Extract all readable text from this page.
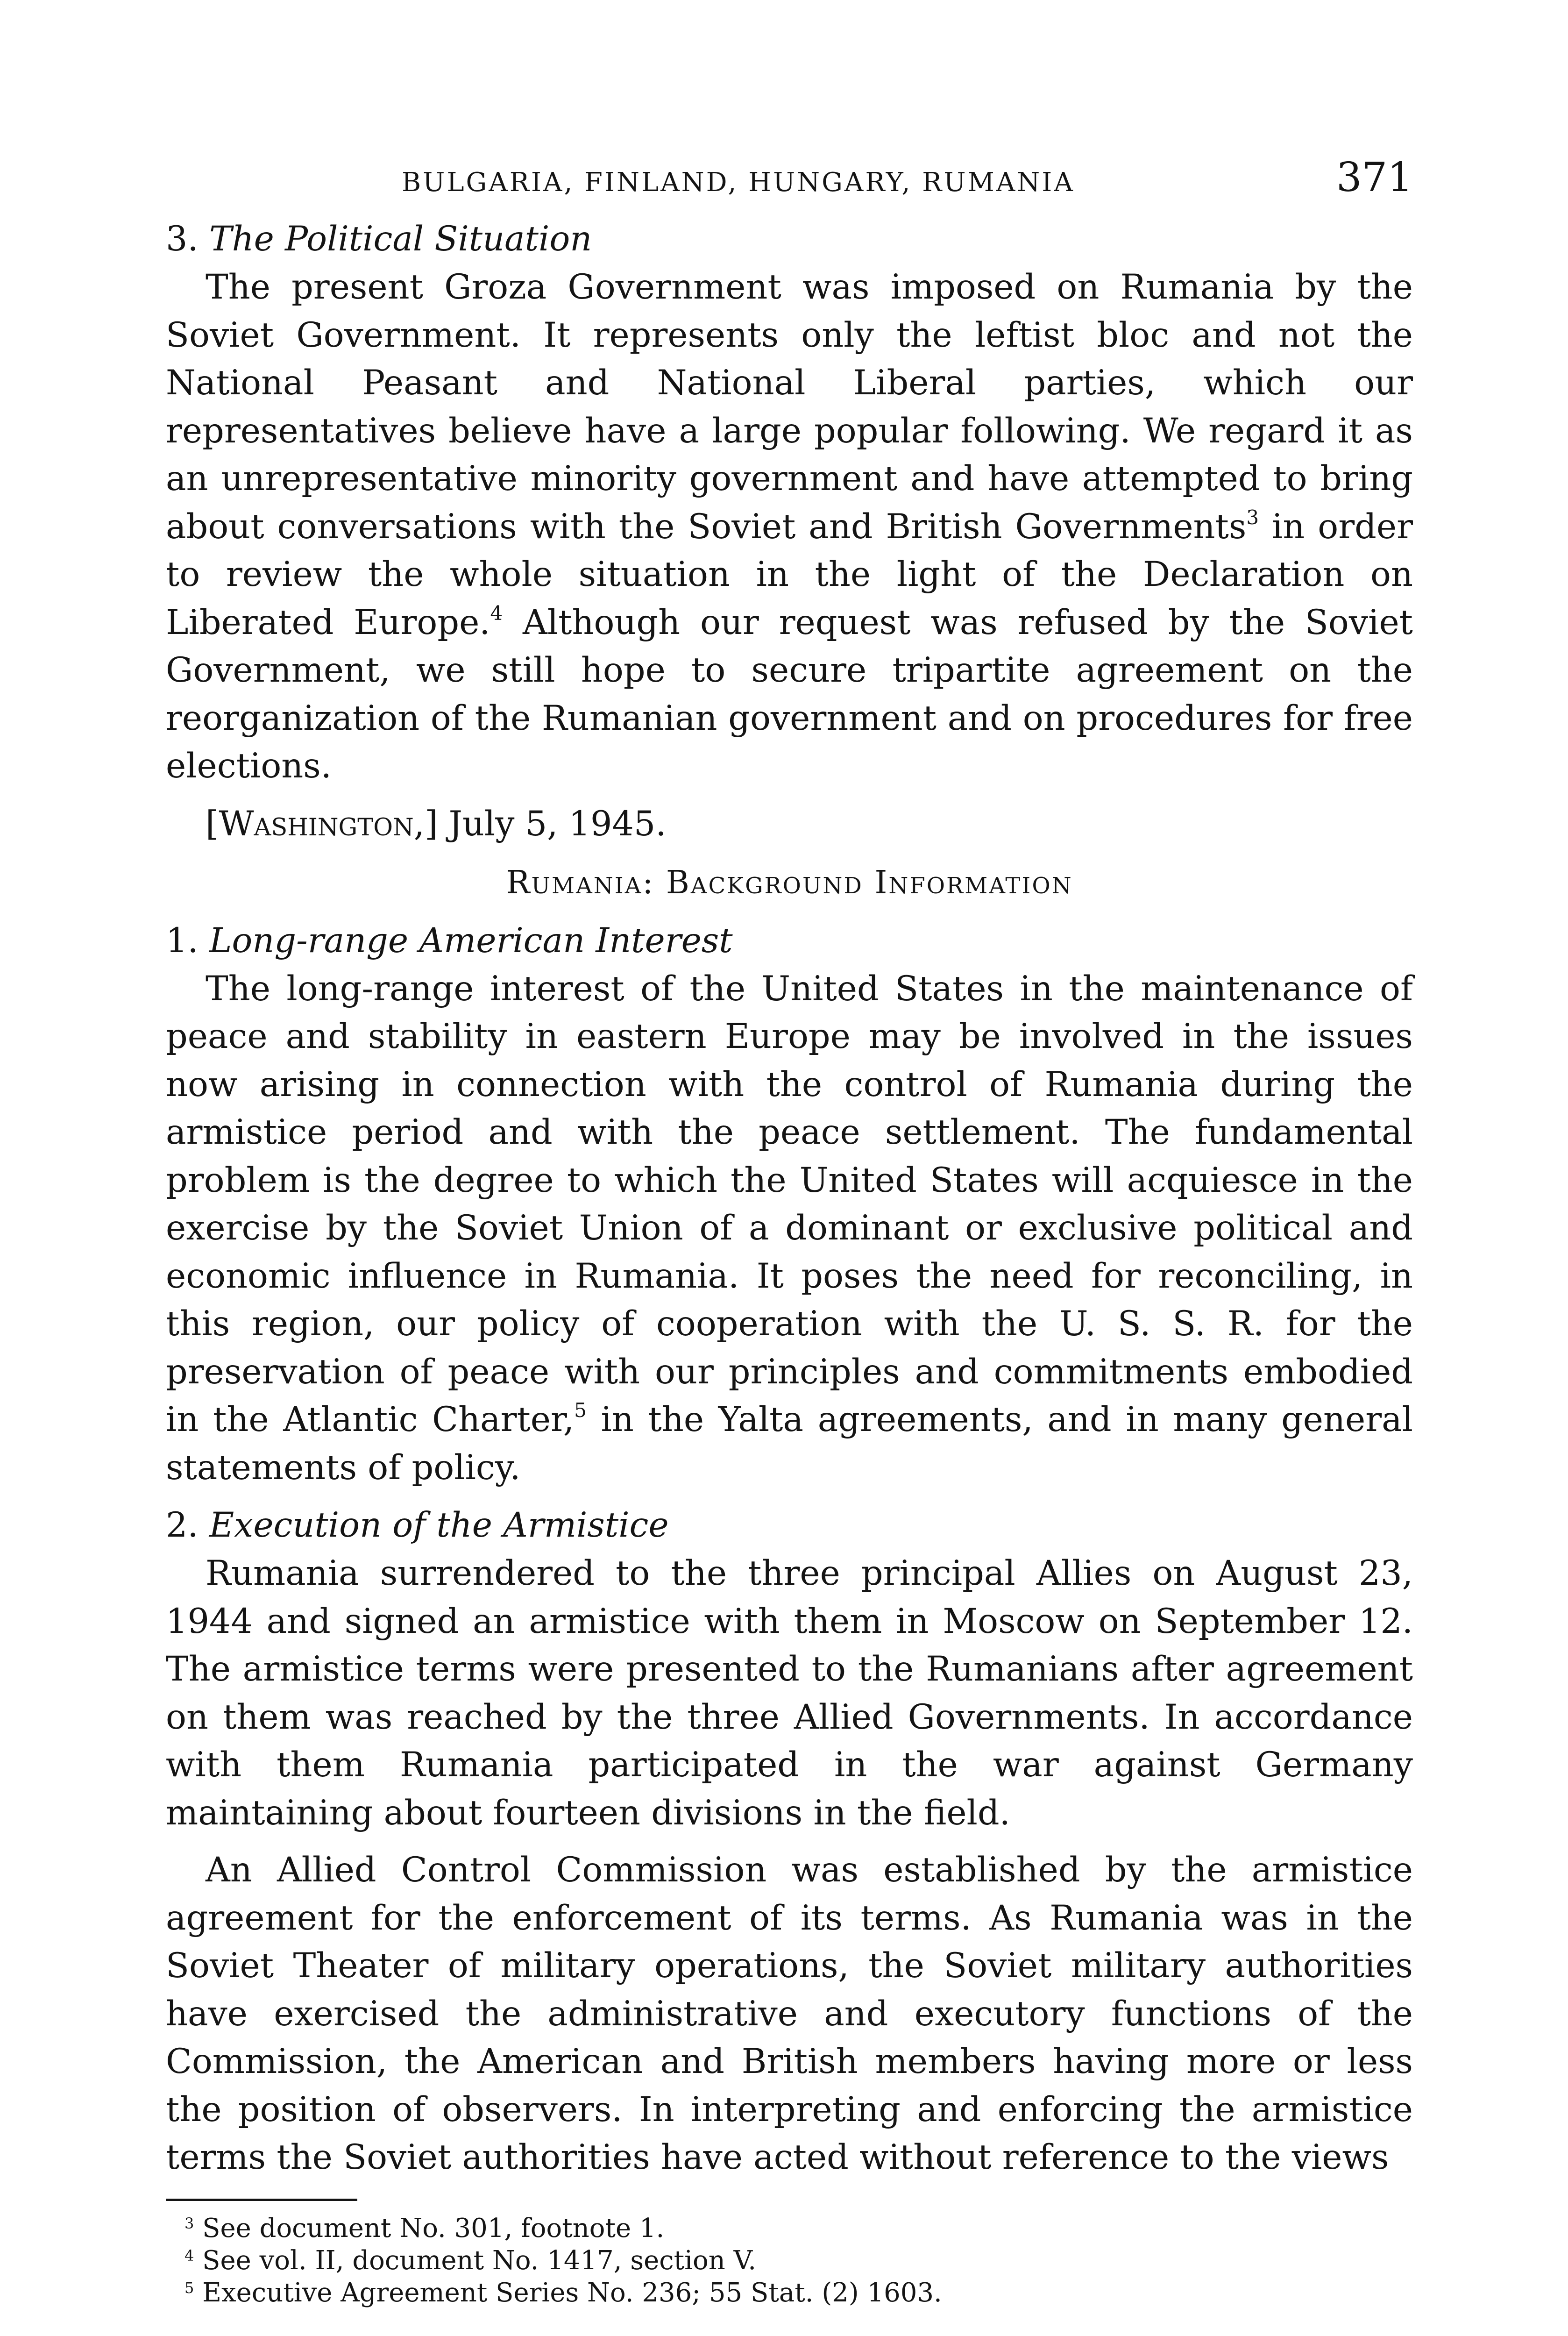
BULGARIA, FINLAND, HUNGARY, RUMANIA	371

3. The Political Situation

The present Groza Government was imposed on Rumania by the Soviet Government. It represents only the leftist bloc and not the National Peasant and National Liberal parties, which our representatives believe have a large popular following. We regard it as an unrepresentative minority government and have attempted to bring about conversations with the Soviet and British Governments$^3$ in order to review the whole situation in the light of the Declaration on Liberated Europe.$^4$ Although our request was refused by the Soviet Government, we still hope to secure tripartite agreement on the reorganization of the Rumanian government and on procedures for free elections.

[Washington,] July 5, 1945.

Rumania: Background Information

1. Long-range American Interest

The long-range interest of the United States in the maintenance of peace and stability in eastern Europe may be involved in the issues now arising in connection with the control of Rumania during the armistice period and with the peace settlement. The fundamental problem is the degree to which the United States will acquiesce in the exercise by the Soviet Union of a dominant or exclusive political and economic influence in Rumania. It poses the need for reconciling, in this region, our policy of cooperation with the U. S. S. R. for the preservation of peace with our principles and commitments embodied in the Atlantic Charter,$^5$ in the Yalta agreements, and in many general statements of policy.

2. Execution of the Armistice

Rumania surrendered to the three principal Allies on August 23, 1944 and signed an armistice with them in Moscow on September 12. The armistice terms were presented to the Rumanians after agreement on them was reached by the three Allied Governments. In accordance with them Rumania participated in the war against Germany maintaining about fourteen divisions in the field.

An Allied Control Commission was established by the armistice agreement for the enforcement of its terms. As Rumania was in the Soviet Theater of military operations, the Soviet military authorities have exercised the administrative and executory functions of the Commission, the American and British members having more or less the position of observers. In interpreting and enforcing the armistice terms the Soviet authorities have acted without reference to the views

$^3$ See document No. 301, footnote 1.

$^4$ See vol. II, document No. 1417, section V.

$^5$ Executive Agreement Series No. 236; 55 Stat. (2) 1603.
